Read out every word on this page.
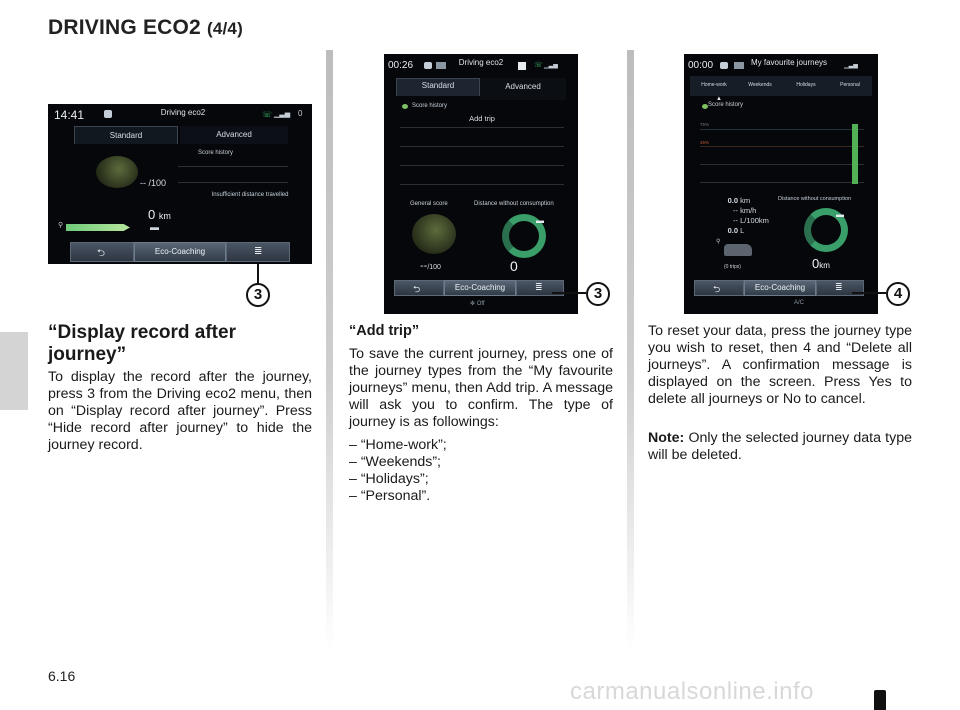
DRIVING ECO2 (4/4)
14:41	Driving eco2	☏ ▁▃▅ 0
Standard	Advanced
Score history
-- /100
Insufficient distance travelled
0 km
⚲	▬
⮌	Eco-Coaching	≣
3
00:26	Driving eco2	☏ ▁▃▅
Standard	Advanced
Score history
Add trip
General score	Distance without consumption
▬
--/100	0
⮌	Eco-Coaching	≣
✻ Off
3
00:00	My favourite journeys	▁▃▅
Home-work	Weekends	Holidays	Personal
▲
Score history
75%
45%
Distance without consumption
0.0 km
-- km/h
-- L/100km
0.0 L
▬
⚲
(0 trips)	0km
⮌	Eco-Coaching	≣
A/C
4
“Display record after journey”
To display the record after the journey, press 3 from the Driving eco2 menu, then on “Display record after journey”. Press “Hide record after journey” to hide the journey record.
“Add trip”
To save the current journey, press one of the journey types from the “My favourite journeys” menu, then Add trip. A message will ask you to confirm. The type of journey is as followings:
– “Home-work”;
– “Weekends”;
– “Holidays”;
– “Personal”.
To reset your data, press the journey type you wish to reset, then 4 and “Delete all journeys”. A confirmation message is displayed on the screen. Press Yes to delete all journeys or No to cancel.
Note: Only the selected journey data type will be deleted.
6.16
carmanualsonline.info
